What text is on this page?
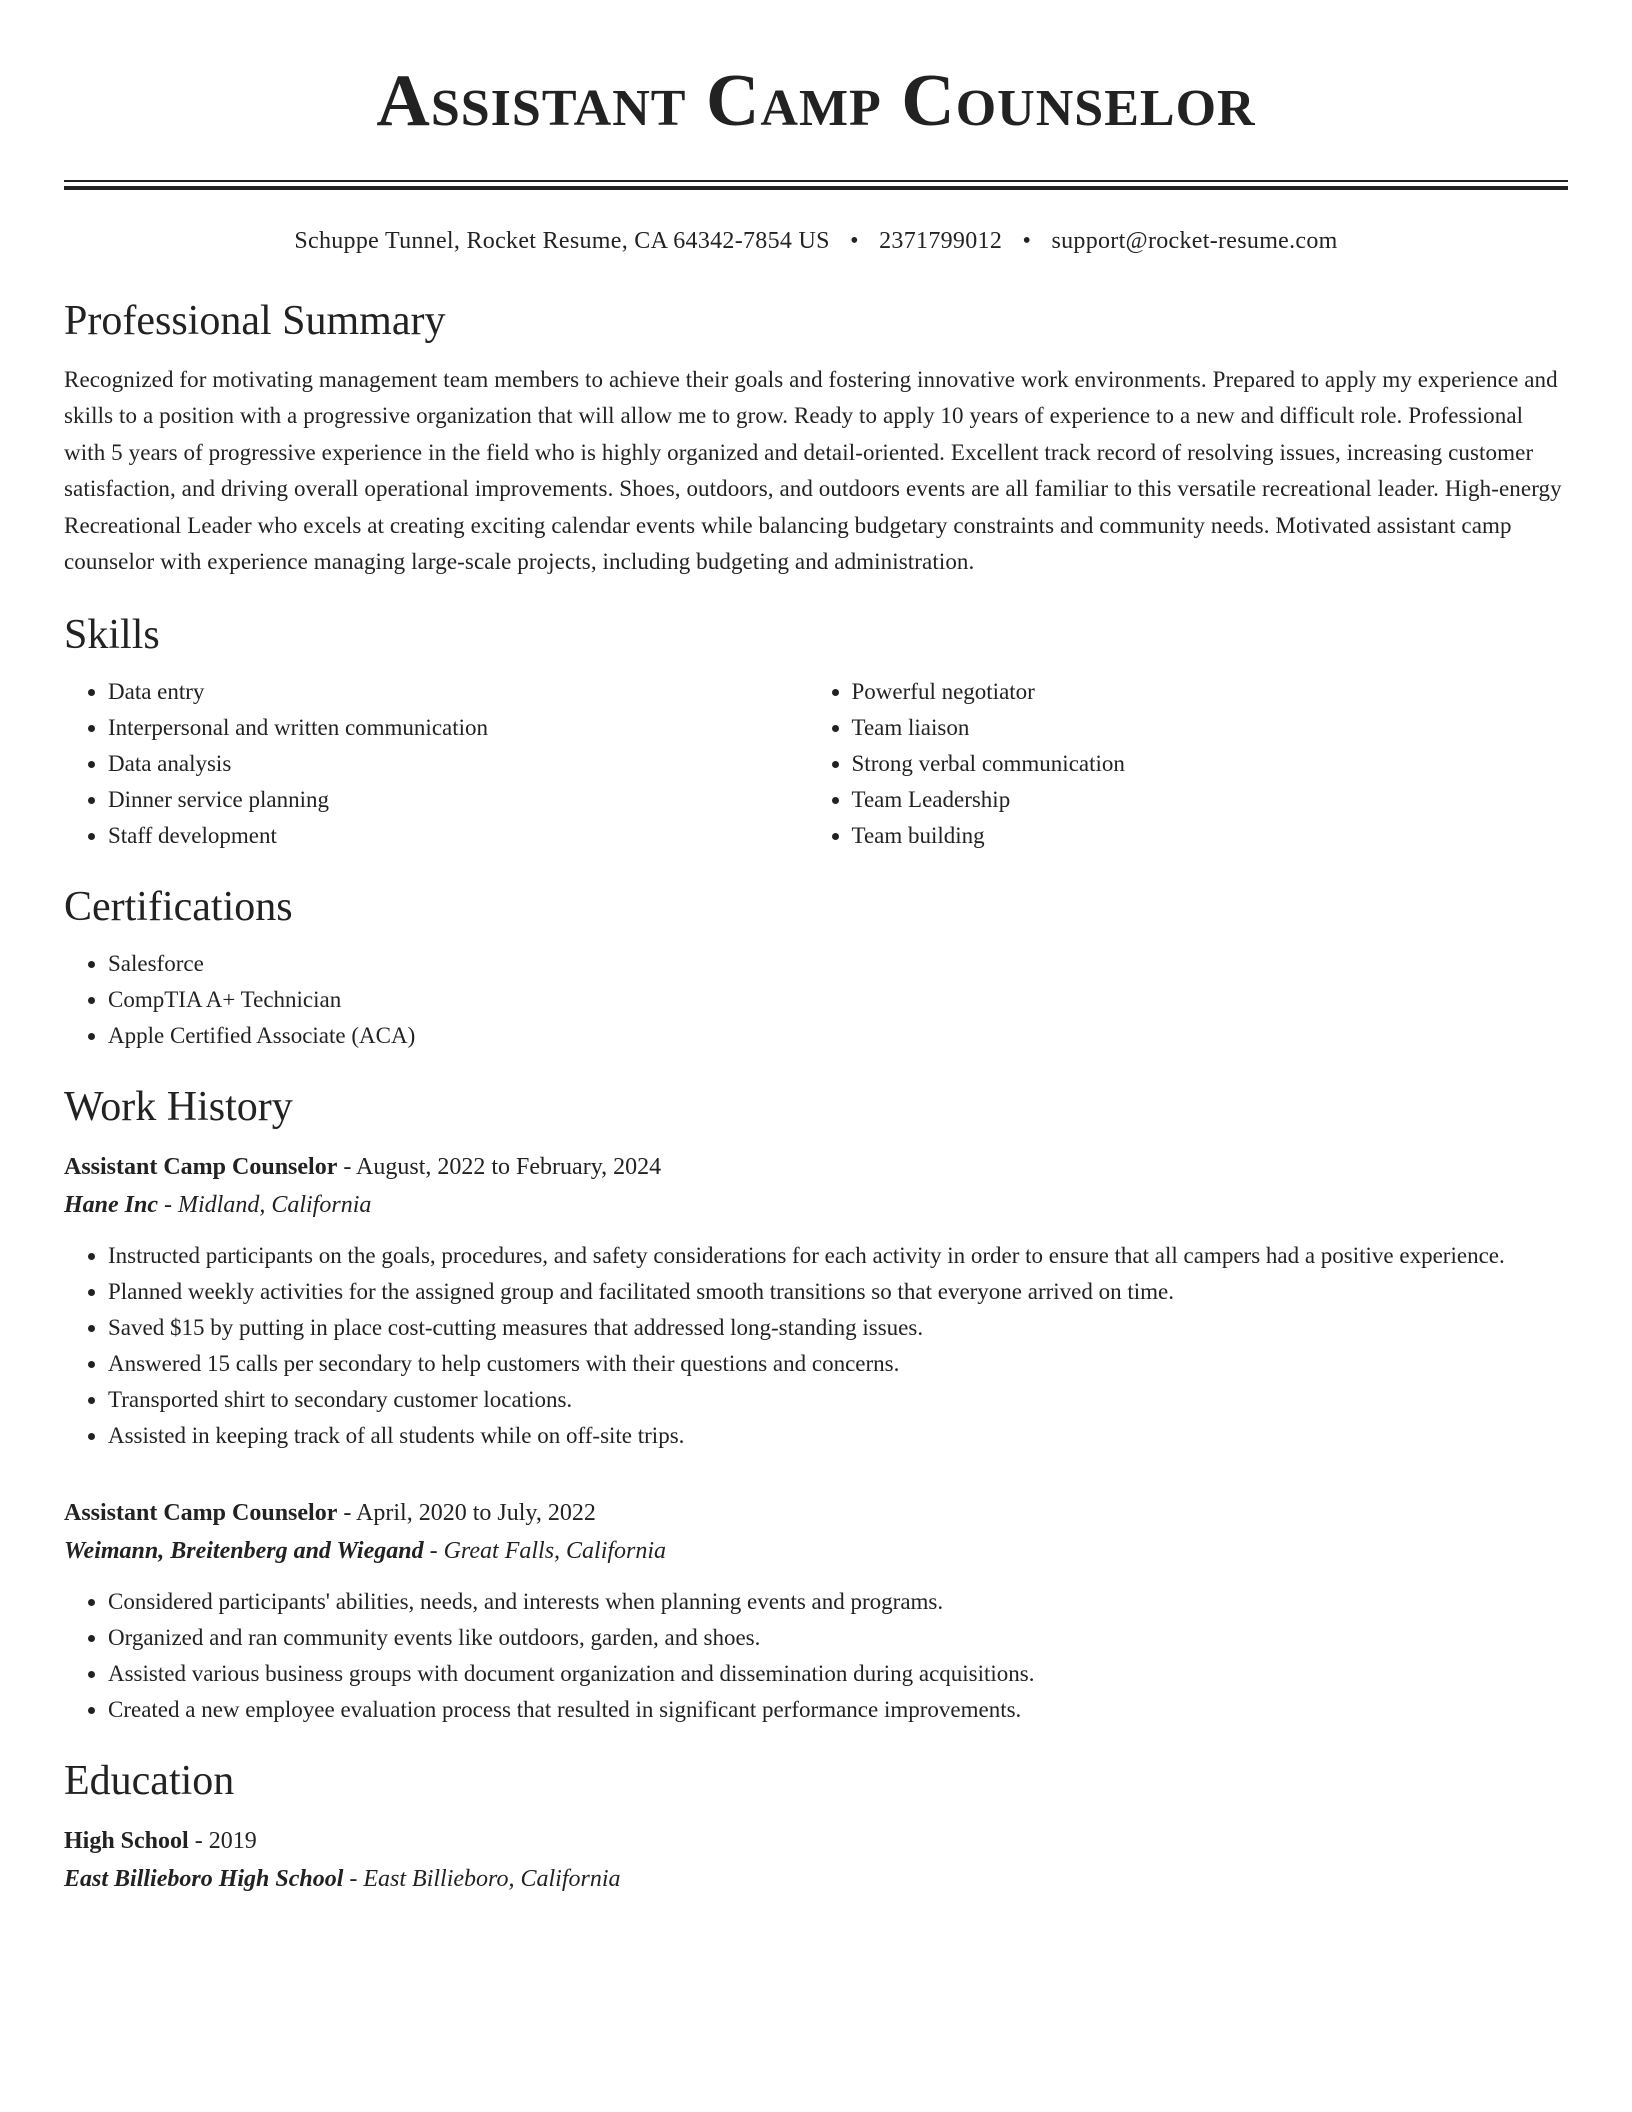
Assistant Camp Counselor
Schuppe Tunnel, Rocket Resume, CA 64342-7854 US • 2371799012 • support@rocket-resume.com
Professional Summary

Recognized for motivating management team members to achieve their goals and fostering innovative work environments. Prepared to apply my experience and skills to a position with a progressive organization that will allow me to grow. Ready to apply 10 years of experience to a new and difficult role. Professional with 5 years of progressive experience in the field who is highly organized and detail-oriented. Excellent track record of resolving issues, increasing customer satisfaction, and driving overall operational improvements. Shoes, outdoors, and outdoors events are all familiar to this versatile recreational leader. High-energy Recreational Leader who excels at creating exciting calendar events while balancing budgetary constraints and community needs. Motivated assistant camp counselor with experience managing large-scale projects, including budgeting and administration.

Skills
• Data entry
• Interpersonal and written communication
• Data analysis
• Dinner service planning
• Staff development
• Powerful negotiator
• Team liaison
• Strong verbal communication
• Team Leadership
• Team building
Certifications
• Salesforce
• CompTIA A+ Technician
• Apple Certified Associate (ACA)
Work History
Assistant Camp Counselor - August, 2022 to February, 2024
Hane Inc - Midland, California
• Instructed participants on the goals, procedures, and safety considerations for each activity in order to ensure that all campers had a positive experience.
• Planned weekly activities for the assigned group and facilitated smooth transitions so that everyone arrived on time.
• Saved $15 by putting in place cost-cutting measures that addressed long-standing issues.
• Answered 15 calls per secondary to help customers with their questions and concerns.
• Transported shirt to secondary customer locations.
• Assisted in keeping track of all students while on off-site trips.
Assistant Camp Counselor - April, 2020 to July, 2022
Weimann, Breitenberg and Wiegand - Great Falls, California
• Considered participants' abilities, needs, and interests when planning events and programs.
• Organized and ran community events like outdoors, garden, and shoes.
• Assisted various business groups with document organization and dissemination during acquisitions.
• Created a new employee evaluation process that resulted in significant performance improvements.
Education
High School - 2019
East Billieboro High School - East Billieboro, California
